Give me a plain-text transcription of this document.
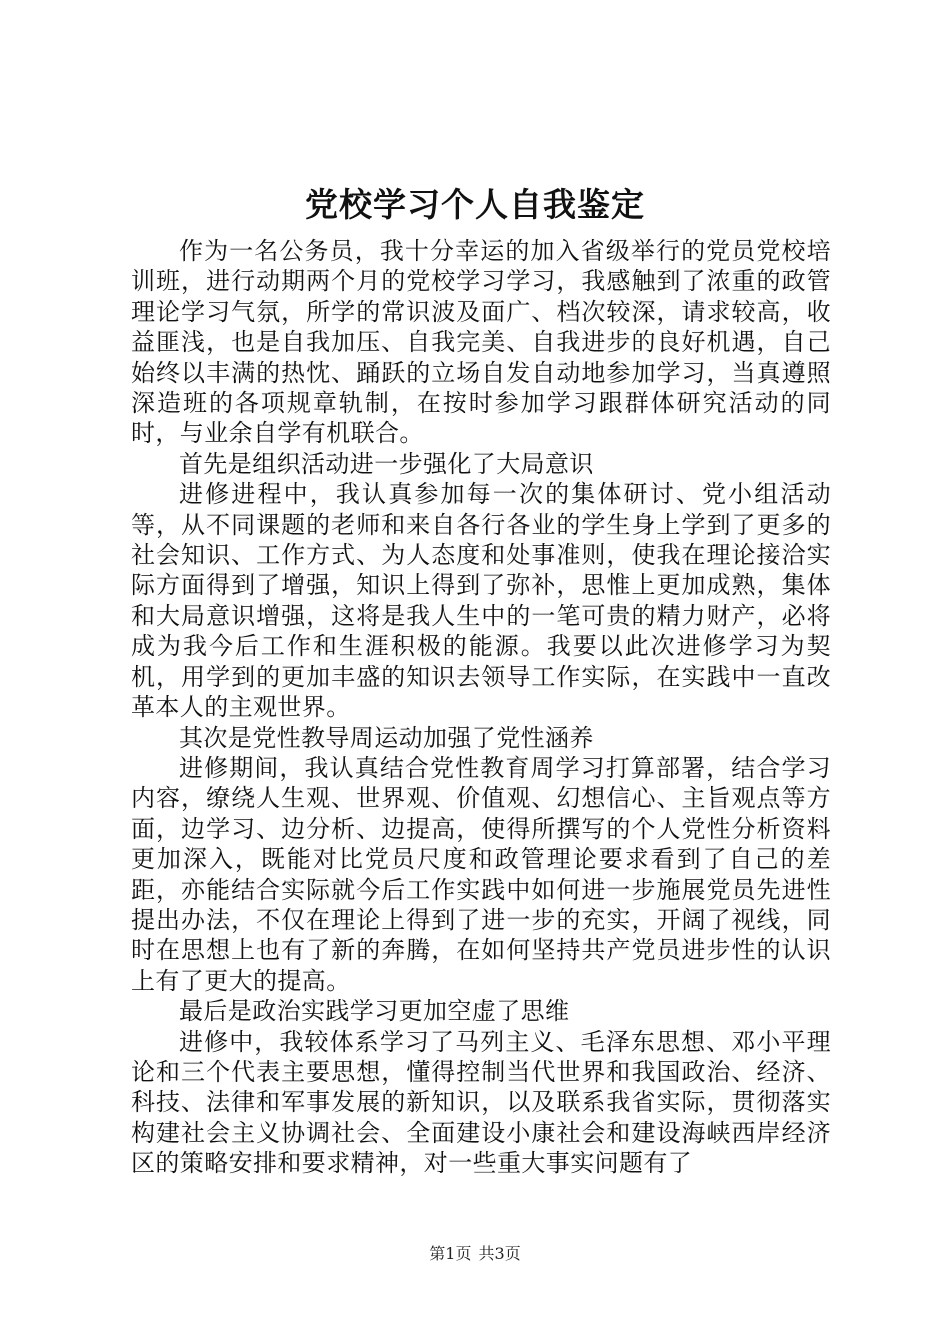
党校学习个人自我鉴定

作为一名公务员，我十分幸运的加入省级举行的党员党校培训班，进行动期两个月的党校学习学习，我感触到了浓重的政管理论学习气氛，所学的常识波及面广、档次较深，请求较高，收益匪浅，也是自我加压、自我完美、自我进步的良好机遇，自己始终以丰满的热忱、踊跃的立场自发自动地参加学习，当真遵照深造班的各项规章轨制，在按时参加学习跟群体研究活动的同时，与业余自学有机联合。

首先是组织活动进一步强化了大局意识

进修进程中，我认真参加每一次的集体研讨、党小组活动等，从不同课题的老师和来自各行各业的学生身上学到了更多的社会知识、工作方式、为人态度和处事准则，使我在理论接洽实际方面得到了增强，知识上得到了弥补，思惟上更加成熟，集体和大局意识增强，这将是我人生中的一笔可贵的精力财产，必将成为我今后工作和生涯积极的能源。我要以此次进修学习为契机，用学到的更加丰盛的知识去领导工作实际，在实践中一直改革本人的主观世界。

其次是党性教导周运动加强了党性涵养

进修期间，我认真结合党性教育周学习打算部署，结合学习内容，缭绕人生观、世界观、价值观、幻想信心、主旨观点等方面，边学习、边分析、边提高，使得所撰写的个人党性分析资料更加深入，既能对比党员尺度和政管理论要求看到了自己的差距，亦能结合实际就今后工作实践中如何进一步施展党员先进性提出办法，不仅在理论上得到了进一步的充实，开阔了视线，同时在思想上也有了新的奔腾，在如何坚持共产党员进步性的认识上有了更大的提高。

最后是政治实践学习更加空虚了思维

进修中，我较体系学习了马列主义、毛泽东思想、邓小平理论和三个代表主要思想，懂得控制当代世界和我国政治、经济、科技、法律和军事发展的新知识，以及联系我省实际，贯彻落实构建社会主义协调社会、全面建设小康社会和建设海峡西岸经济区的策略安排和要求精神，对一些重大事实问题有了

第1页 共3页
